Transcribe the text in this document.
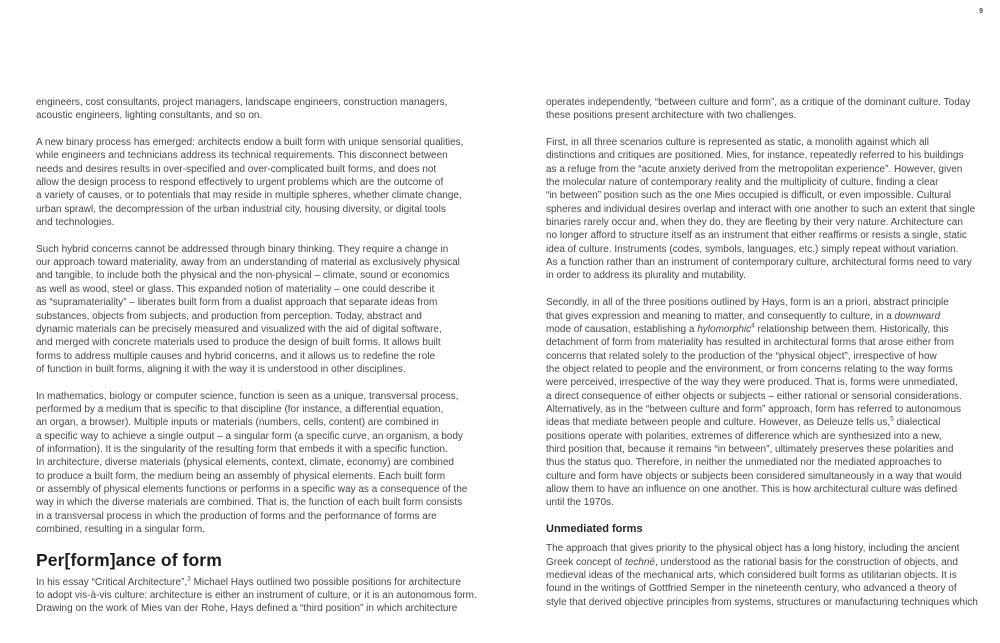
9
engineers, cost consultants, project managers, landscape engineers, construction managers,
acoustic engineers, lighting consultants, and so on.
A new binary process has emerged: architects endow a built form with unique sensorial qualities,
while engineers and technicians address its technical requirements. This disconnect between
needs and desires results in over-specified and over-complicated built forms, and does not
allow the design process to respond effectively to urgent problems which are the outcome of
a variety of causes, or to potentials that may reside in multiple spheres, whether climate change,
urban sprawl, the decompression of the urban industrial city, housing diversity, or digital tools
and technologies.
Such hybrid concerns cannot be addressed through binary thinking. They require a change in
our approach toward materiality, away from an understanding of material as exclusively physical
and tangible, to include both the physical and the non-physical – climate, sound or economics
as well as wood, steel or glass. This expanded notion of materiality – one could describe it
as “supramateriality” – liberates built form from a dualist approach that separate ideas from
substances, objects from subjects, and production from perception. Today, abstract and
dynamic materials can be precisely measured and visualized with the aid of digital software,
and merged with concrete materials used to produce the design of built forms. It allows built
forms to address multiple causes and hybrid concerns, and it allows us to redefine the role
of function in built forms, aligning it with the way it is understood in other disciplines.
In mathematics, biology or computer science, function is seen as a unique, transversal process,
performed by a medium that is specific to that discipline (for instance, a differential equation,
an organ, a browser). Multiple inputs or materials (numbers, cells, content) are combined in
a specific way to achieve a single output – a singular form (a specific curve, an organism, a body
of information). It is the singularity of the resulting form that embeds it with a specific function.
In architecture, diverse materials (physical elements, context, climate, economy) are combined
to produce a built form, the medium being an assembly of physical elements. Each built form
or assembly of physical elements functions or performs in a specific way as a consequence of the
way in which the diverse materials are combined. That is, the function of each built form consists
in a transversal process in which the production of forms and the performance of forms are
combined, resulting in a singular form.
Per[form]ance of form
In his essay “Critical Architecture”,$^3$ Michael Hays outlined two possible positions for architecture
to adopt vis-à-vis culture: architecture is either an instrument of culture, or it is an autonomous form.
Drawing on the work of Mies van der Rohe, Hays defined a “third position” in which architecture
operates independently, “between culture and form”, as a critique of the dominant culture. Today
these positions present architecture with two challenges.
First, in all three scenarios culture is represented as static, a monolith against which all
distinctions and critiques are positioned. Mies, for instance, repeatedly referred to his buildings
as a refuge from the “acute anxiety derived from the metropolitan experience”. However, given
the molecular nature of contemporary reality and the multiplicity of culture, finding a clear
“in between” position such as the one Mies occupied is difficult, or even impossible. Cultural
spheres and individual desires overlap and interact with one another to such an extent that single
binaries rarely occur and, when they do, they are fleeting by their very nature. Architecture can
no longer afford to structure itself as an instrument that either reaffirms or resists a single, static
idea of culture. Instruments (codes, symbols, languages, etc.) simply repeat without variation.
As a function rather than an instrument of contemporary culture, architectural forms need to vary
in order to address its plurality and mutability.
Secondly, in all of the three positions outlined by Hays, form is an a priori, abstract principle
that gives expression and meaning to matter, and consequently to culture, in a downward
mode of causation, establishing a hylomorphic$^4$ relationship between them. Historically, this
detachment of form from materiality has resulted in architectural forms that arose either from
concerns that related solely to the production of the “physical object”, irrespective of how
the object related to people and the environment, or from concerns relating to the way forms
were perceived, irrespective of the way they were produced. That is, forms were unmediated,
a direct consequence of either objects or subjects – either rational or sensorial considerations.
Alternatively, as in the “between culture and form” approach, form has referred to autonomous
ideas that mediate between people and culture. However, as Deleuze tells us,$^5$ dialectical
positions operate with polarities, extremes of difference which are synthesized into a new,
third position that, because it remains “in between”, ultimately preserves these polarities and
thus the status quo. Therefore, in neither the unmediated nor the mediated approaches to
culture and form have objects or subjects been considered simultaneously in a way that would
allow them to have an influence on one another. This is how architectural culture was defined
until the 1970s.
Unmediated forms
The approach that gives priority to the physical object has a long history, including the ancient
Greek concept of techné, understood as the rational basis for the construction of objects, and
medieval ideas of the mechanical arts, which considered built forms as utilitarian objects. It is
found in the writings of Gottfried Semper in the nineteenth century, who advanced a theory of
style that derived objective principles from systems, structures or manufacturing techniques which
